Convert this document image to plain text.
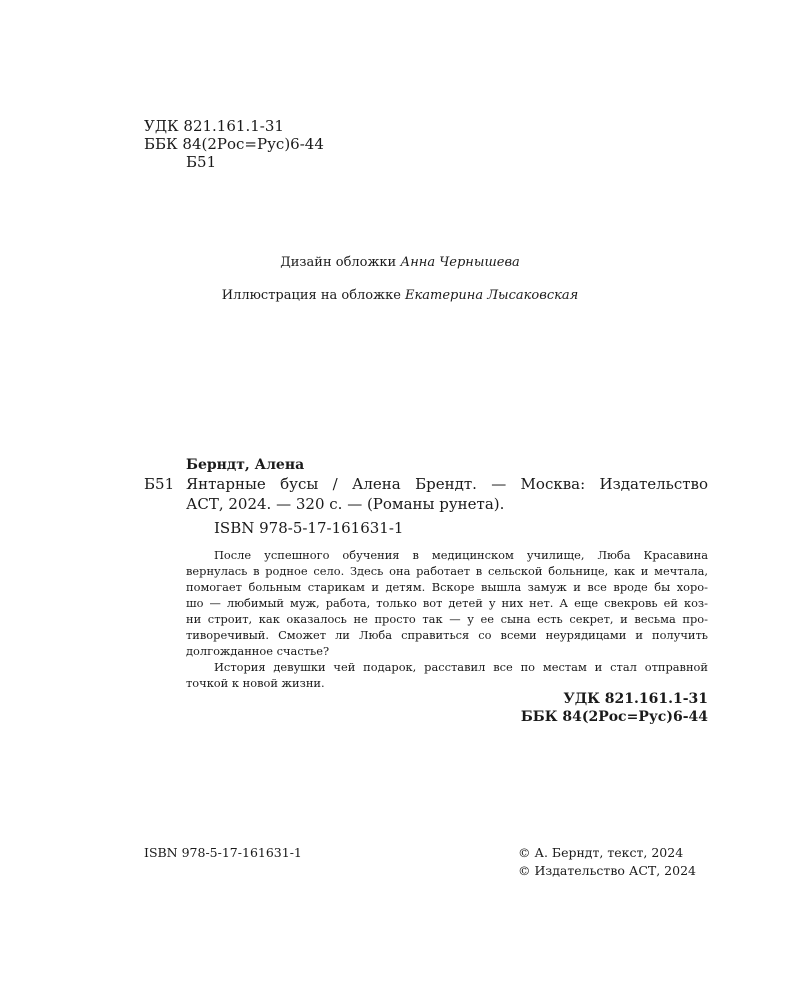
УДК 821.161.1-31
ББК 84(2Рос=Рус)6-44
Б51
Дизайн обложки Анна Чернышева
Иллюстрация на обложке Екатерина Лысаковская
Берндт, Алена
Б51 Янтарные бусы / Алена Брендт. — Москва: Издательство
АСТ, 2024. — 320 с. — (Романы рунета).
ISBN 978-5-17-161631-1
После успешного обучения в медицинском училище, Люба Красавина
вернулась в родное село. Здесь она работает в сельской больнице, как и мечтала,
помогает больным старикам и детям. Вскоре вышла замуж и все вроде бы хоро-
шо — любимый муж, работа, только вот детей у них нет. А еще свекровь ей коз-
ни строит, как оказалось не просто так — у ее сына есть секрет, и весьма про-
тиворечивый. Сможет ли Люба справиться со всеми неурядицами и получить
долгожданное счастье?
История девушки чей подарок, расставил все по местам и стал отправной
точкой к новой жизни.
УДК 821.161.1-31
ББК 84(2Рос=Рус)6-44
ISBN 978-5-17-161631-1	© А. Берндт, текст, 2024
© Издательство АСТ, 2024
